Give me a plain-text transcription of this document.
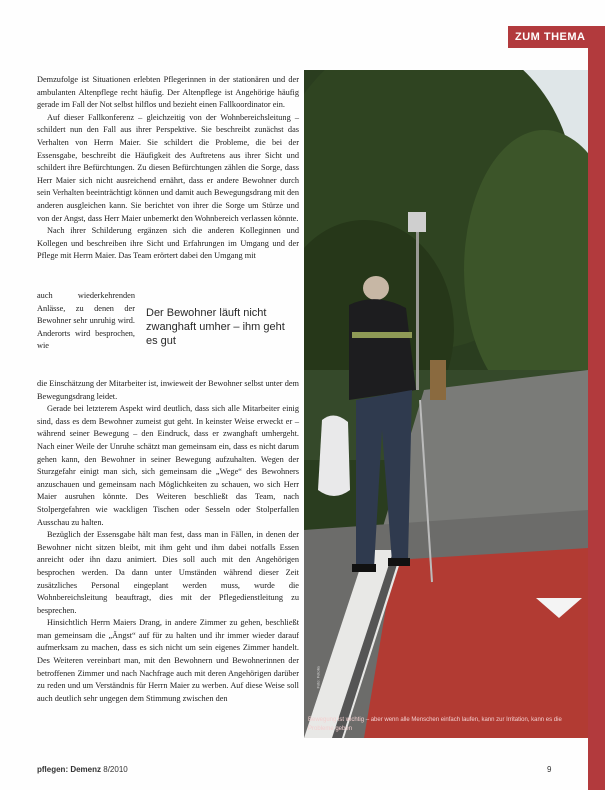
ZUM THEMA

Demzufolge ist Situationen erlebten Pflegerinnen in der stationären und der ambulanten Altenpflege recht häufig. Der Altenpflege ist Angehörige häufig gerade im Fall der Not selbst hilflos und bezieht einen Fallkoordinator ein.

Auf dieser Fallkonferenz – gleichzeitig von der Wohnbereichsleitung – schildert nun den Fall aus ihrer Perspektive. Sie beschreibt zunächst das Verhalten von Herrn Maier. Sie schildert die Probleme, die bei der Essensgabe, beschreibt die Häufigkeit des Auftretens aus ihrer Sicht und schildert ihre Befürchtungen. Zu diesen Befürchtungen zählen die Sorge, dass Herr Maier sich nicht ausreichend ernährt, dass er andere Bewohner durch sein Verhalten beeinträchtigt können und damit auch Bewegungsdrang mit den anderen ausgleichen kann. Sie berichtet von ihrer die Sorge um Stürze und von der Angst, dass Herr Maier unbemerkt den Wohnbereich verlassen könnte.

Nach ihrer Schilderung ergänzen sich die anderen Kolleginnen und Kollegen und beschreiben ihre Sicht und Erfahrungen im Umgang und der Pflege mit Herrn Maier. Das Team erörtert dabei den Umgang mit

auch wiederkehrenden Anlässe, zu denen der Bewohner sehr unruhig wird. Anderorts wird besprochen, wie
Der Bewohner läuft nicht zwanghaft umher – ihm geht es gut

die Einschätzung der Mitarbeiter ist, inwieweit der Bewohner selbst unter dem Bewegungsdrang leidet.

Gerade bei letzterem Aspekt wird deutlich, dass sich alle Mitarbeiter einig sind, dass es dem Bewohner zumeist gut geht. In keinster Weise erweckt er – während seiner Bewegung – den Eindruck, dass er zwanghaft umhergeht. Nach einer Weile der Unruhe schätzt man gemeinsam ein, dass es nicht darum gehen kann, den Bewohner in seiner Bewegung aufzuhalten. Wegen der Sturzgefahr einigt man sich, sich gemeinsam die „Wege“ des Bewohners anzuschauen und gemeinsam nach Möglichkeiten zu schauen, wo sich Herr Maier ausruhen könnte. Des Weiteren beschließt das Team, nach Stolpergefahren wie wackligen Tischen oder Sesseln oder Stolperfallen Ausschau zu halten.

Bezüglich der Essensgabe hält man fest, dass man in Fällen, in denen der Bewohner nicht sitzen bleibt, mit ihm geht und ihm dabei notfalls Essen anreicht oder ihn dazu animiert. Dies soll auch mit den Angehörigen besprochen werden. Da dann unter Umständen während dieser Zeit zusätzliches Personal eingeplant werden muss, wurde die Wohnbereichsleitung beauftragt, dies mit der Pflegedienstleitung zu besprechen.

Hinsichtlich Herrn Maiers Drang, in andere Zimmer zu gehen, beschließt man gemeinsam die „Ängst“ auf für zu halten und ihr immer wieder darauf aufmerksam zu machen, dass es sich nicht um sein eigenes Zimmer handelt. Des Weiteren vereinbart man, mit den Bewohnern und Bewohnerinnen der betroffenen Zimmer und nach Nachfrage auch mit deren Angehörigen darüber zu reden und um Verständnis für Herrn Maier zu werben. Auf diese Weise soll auch deutlich sehr ungegen dem Stimmung zwischen den

Foto: Fotolia
Bewegung ist wichtig – aber wenn alle Menschen einfach laufen, kann zur Irritation, kann es die Probleme geben
pflegen: Demenz 8/2010	9
